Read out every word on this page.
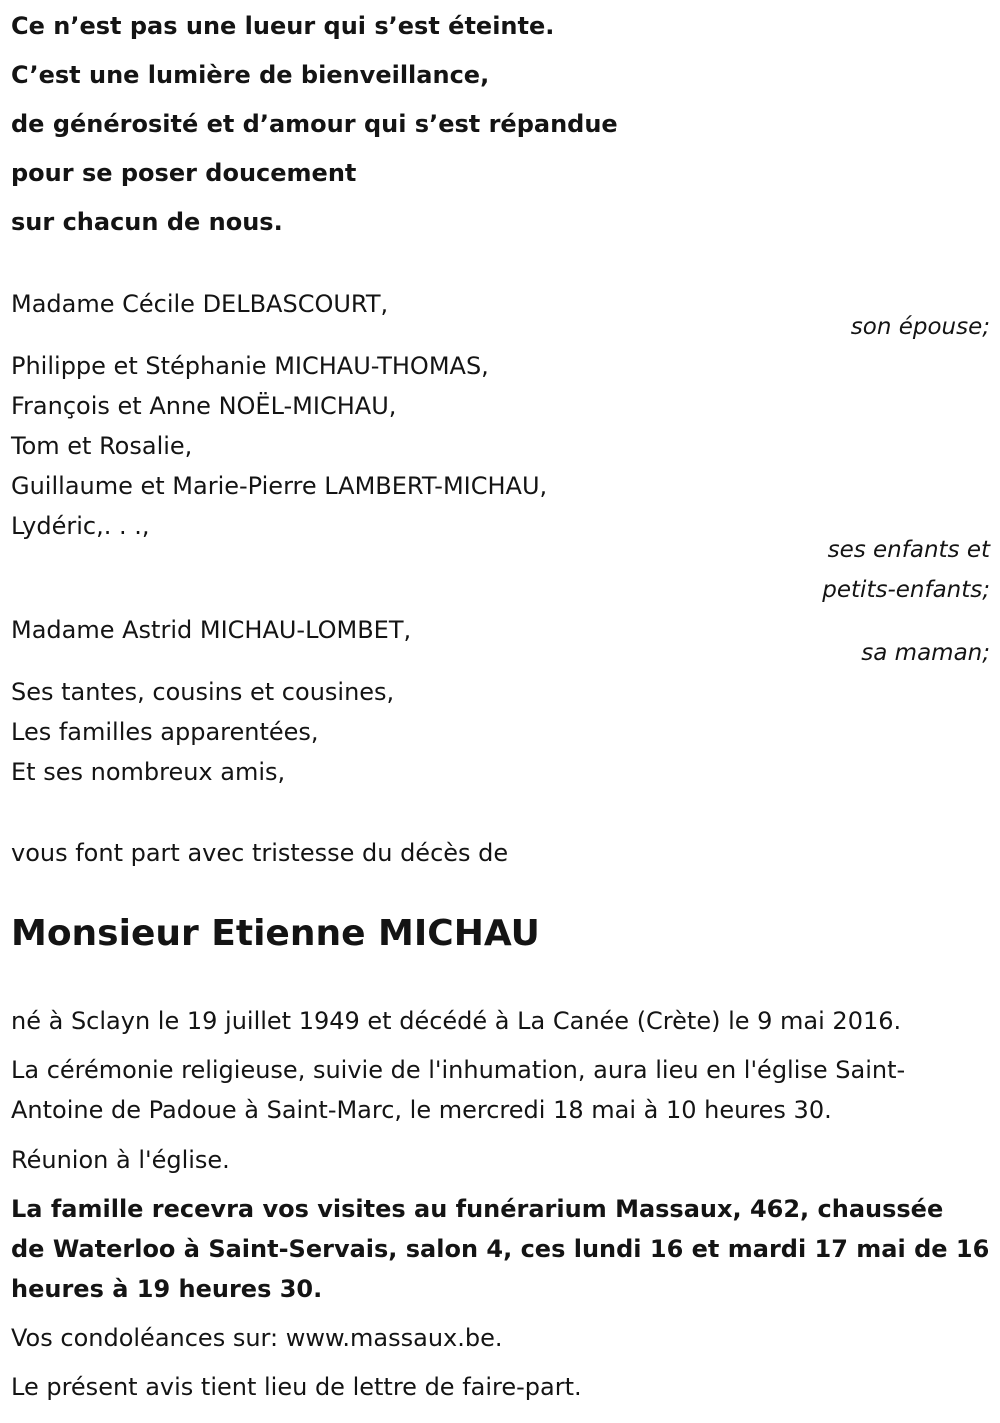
Ce n’est pas une lueur qui s’est éteinte.
C’est une lumière de bienveillance,
de générosité et d’amour qui s’est répandue
pour se poser doucement
sur chacun de nous.
Madame Cécile DELBASCOURT,
son épouse;
Philippe et Stéphanie MICHAU-THOMAS,
François et Anne NOËL-MICHAU,
Tom et Rosalie,
Guillaume et Marie-Pierre LAMBERT-MICHAU,
Lydéric,. . .,
ses enfants et
petits-enfants;
Madame Astrid MICHAU-LOMBET,
sa maman;
Ses tantes, cousins et cousines,
Les familles apparentées,
Et ses nombreux amis,
vous font part avec tristesse du décès de
Monsieur Etienne MICHAU
né à Sclayn le 19 juillet 1949 et décédé à La Canée (Crète) le 9 mai 2016.
La cérémonie religieuse, suivie de l'inhumation, aura lieu en l'église Saint-
Antoine de Padoue à Saint-Marc, le mercredi 18 mai à 10 heures 30.
Réunion à l'église.
La famille recevra vos visites au funérarium Massaux, 462, chaussée
de Waterloo à Saint-Servais, salon 4, ces lundi 16 et mardi 17 mai de 16
heures à 19 heures 30.
Vos condoléances sur: www.massaux.be.
Le présent avis tient lieu de lettre de faire-part.
